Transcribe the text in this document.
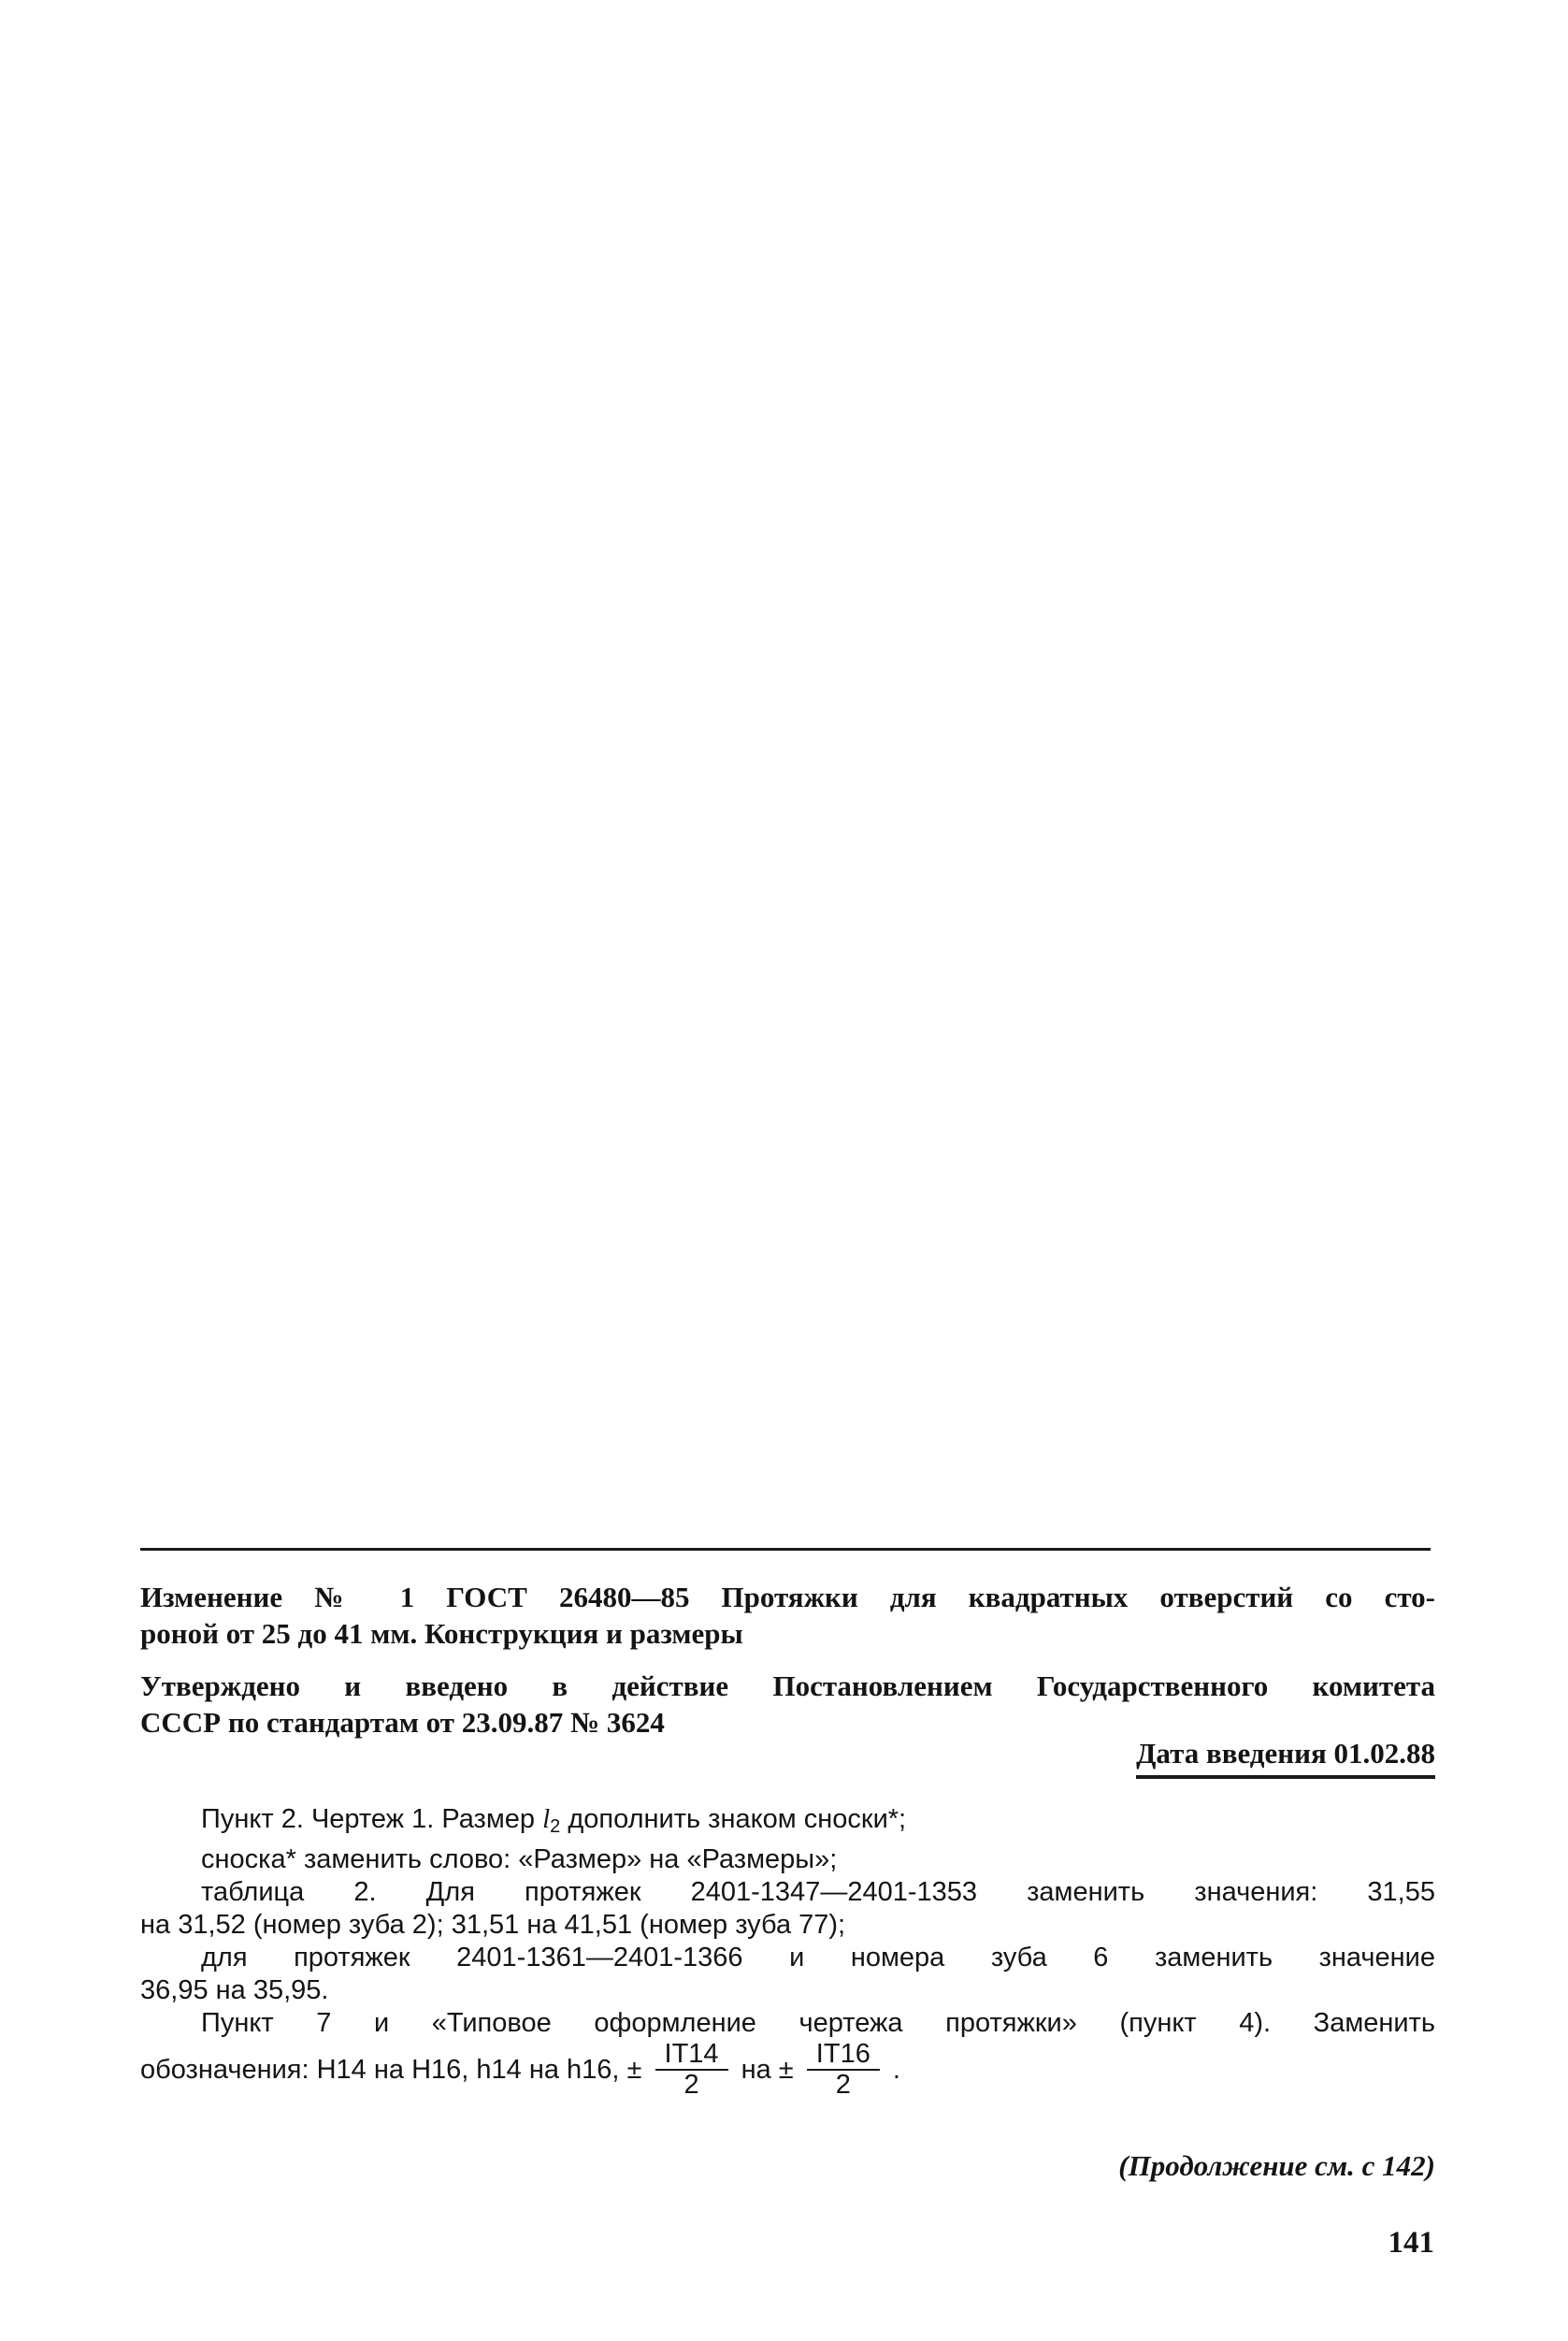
Изменение № 1 ГОСТ 26480—85 Протяжки для квадратных отверстий со сто-
роной от 25 до 41 мм. Конструкция и размеры
Утверждено и введено в действие Постановлением Государственного комитета
СССР по стандартам от 23.09.87 № 3624
Дата введения 01.02.88

Пункт 2. Чертеж 1. Размер $l_2$ дополнить знаком сноски*;

сноска* заменить слово: «Размер» на «Размеры»;

таблица 2. Для протяжек 2401-1347—2401-1353 заменить значения: 31,55

на 31,52 (номер зуба 2); 31,51 на 41,51 (номер зуба 77);

для протяжек 2401-1361—2401-1366 и номера зуба 6 заменить значение

36,95 на 35,95.

Пункт 7 и «Типовое оформление чертежа протяжки» (пункт 4). Заменить

обозначения: H14 на H16, h14 на h16, ± $\frac{IT14}{2}$ на ± $\frac{IT16}{2}$ .
(Продолжение см. с 142)
141
